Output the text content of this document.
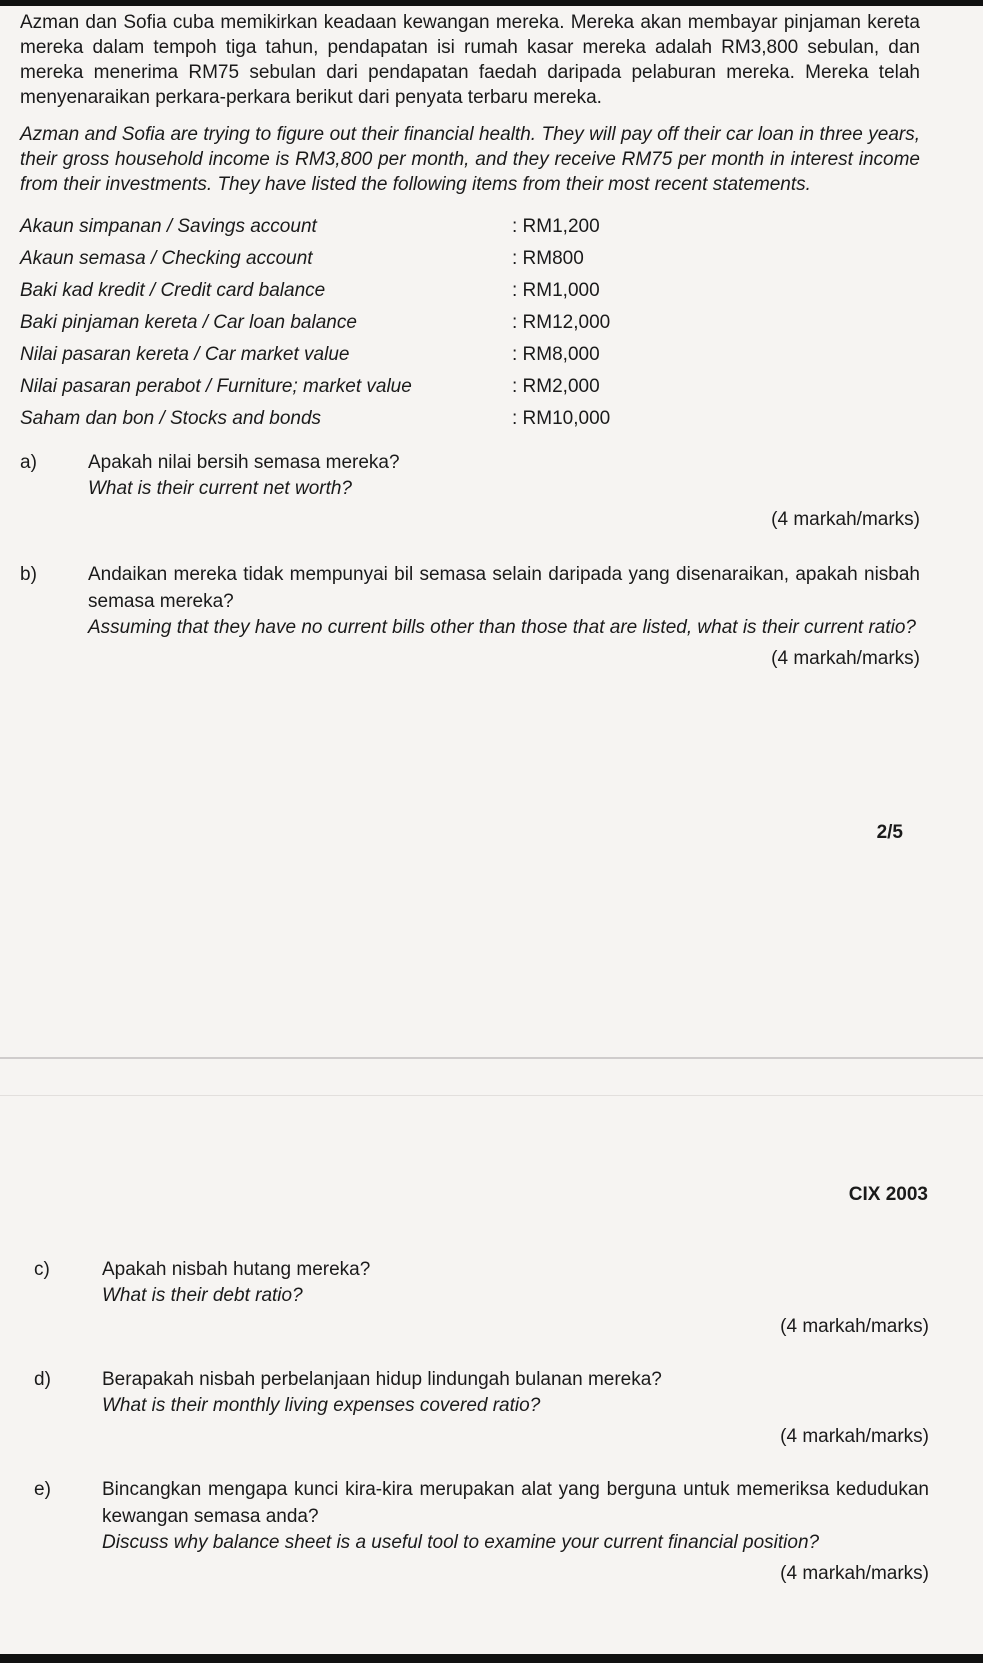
Azman dan Sofia cuba memikirkan keadaan kewangan mereka. Mereka akan membayar pinjaman kereta mereka dalam tempoh tiga tahun, pendapatan isi rumah kasar mereka adalah RM3,800 sebulan, dan mereka menerima RM75 sebulan dari pendapatan faedah daripada pelaburan mereka. Mereka telah menyenaraikan perkara-perkara berikut dari penyata terbaru mereka.

Azman and Sofia are trying to figure out their financial health. They will pay off their car loan in three years, their gross household income is RM3,800 per month, and they receive RM75 per month in interest income from their investments. They have listed the following items from their most recent statements.

Akaun simpanan / Savings account	: RM1,200
Akaun semasa / Checking account	: RM800
Baki kad kredit / Credit card balance	: RM1,000
Baki pinjaman kereta / Car loan balance	: RM12,000
Nilai pasaran kereta / Car market value	: RM8,000
Nilai pasaran perabot / Furniture; market value	: RM2,000
Saham dan bon / Stocks and bonds	: RM10,000
a)	Apakah nilai bersih semasa mereka?
What is their current net worth?
(4 markah/marks)
b)	Andaikan mereka tidak mempunyai bil semasa selain daripada yang disenaraikan, apakah nisbah semasa mereka?
Assuming that they have no current bills other than those that are listed, what is their current ratio?
(4 markah/marks)
2/5
CIX 2003
c)	Apakah nisbah hutang mereka?
What is their debt ratio?
(4 markah/marks)
d)	Berapakah nisbah perbelanjaan hidup lindungah bulanan mereka?
What is their monthly living expenses covered ratio?
(4 markah/marks)
e)	Bincangkan mengapa kunci kira-kira merupakan alat yang berguna untuk memeriksa kedudukan kewangan semasa anda?
Discuss why balance sheet is a useful tool to examine your current financial position?
(4 markah/marks)
